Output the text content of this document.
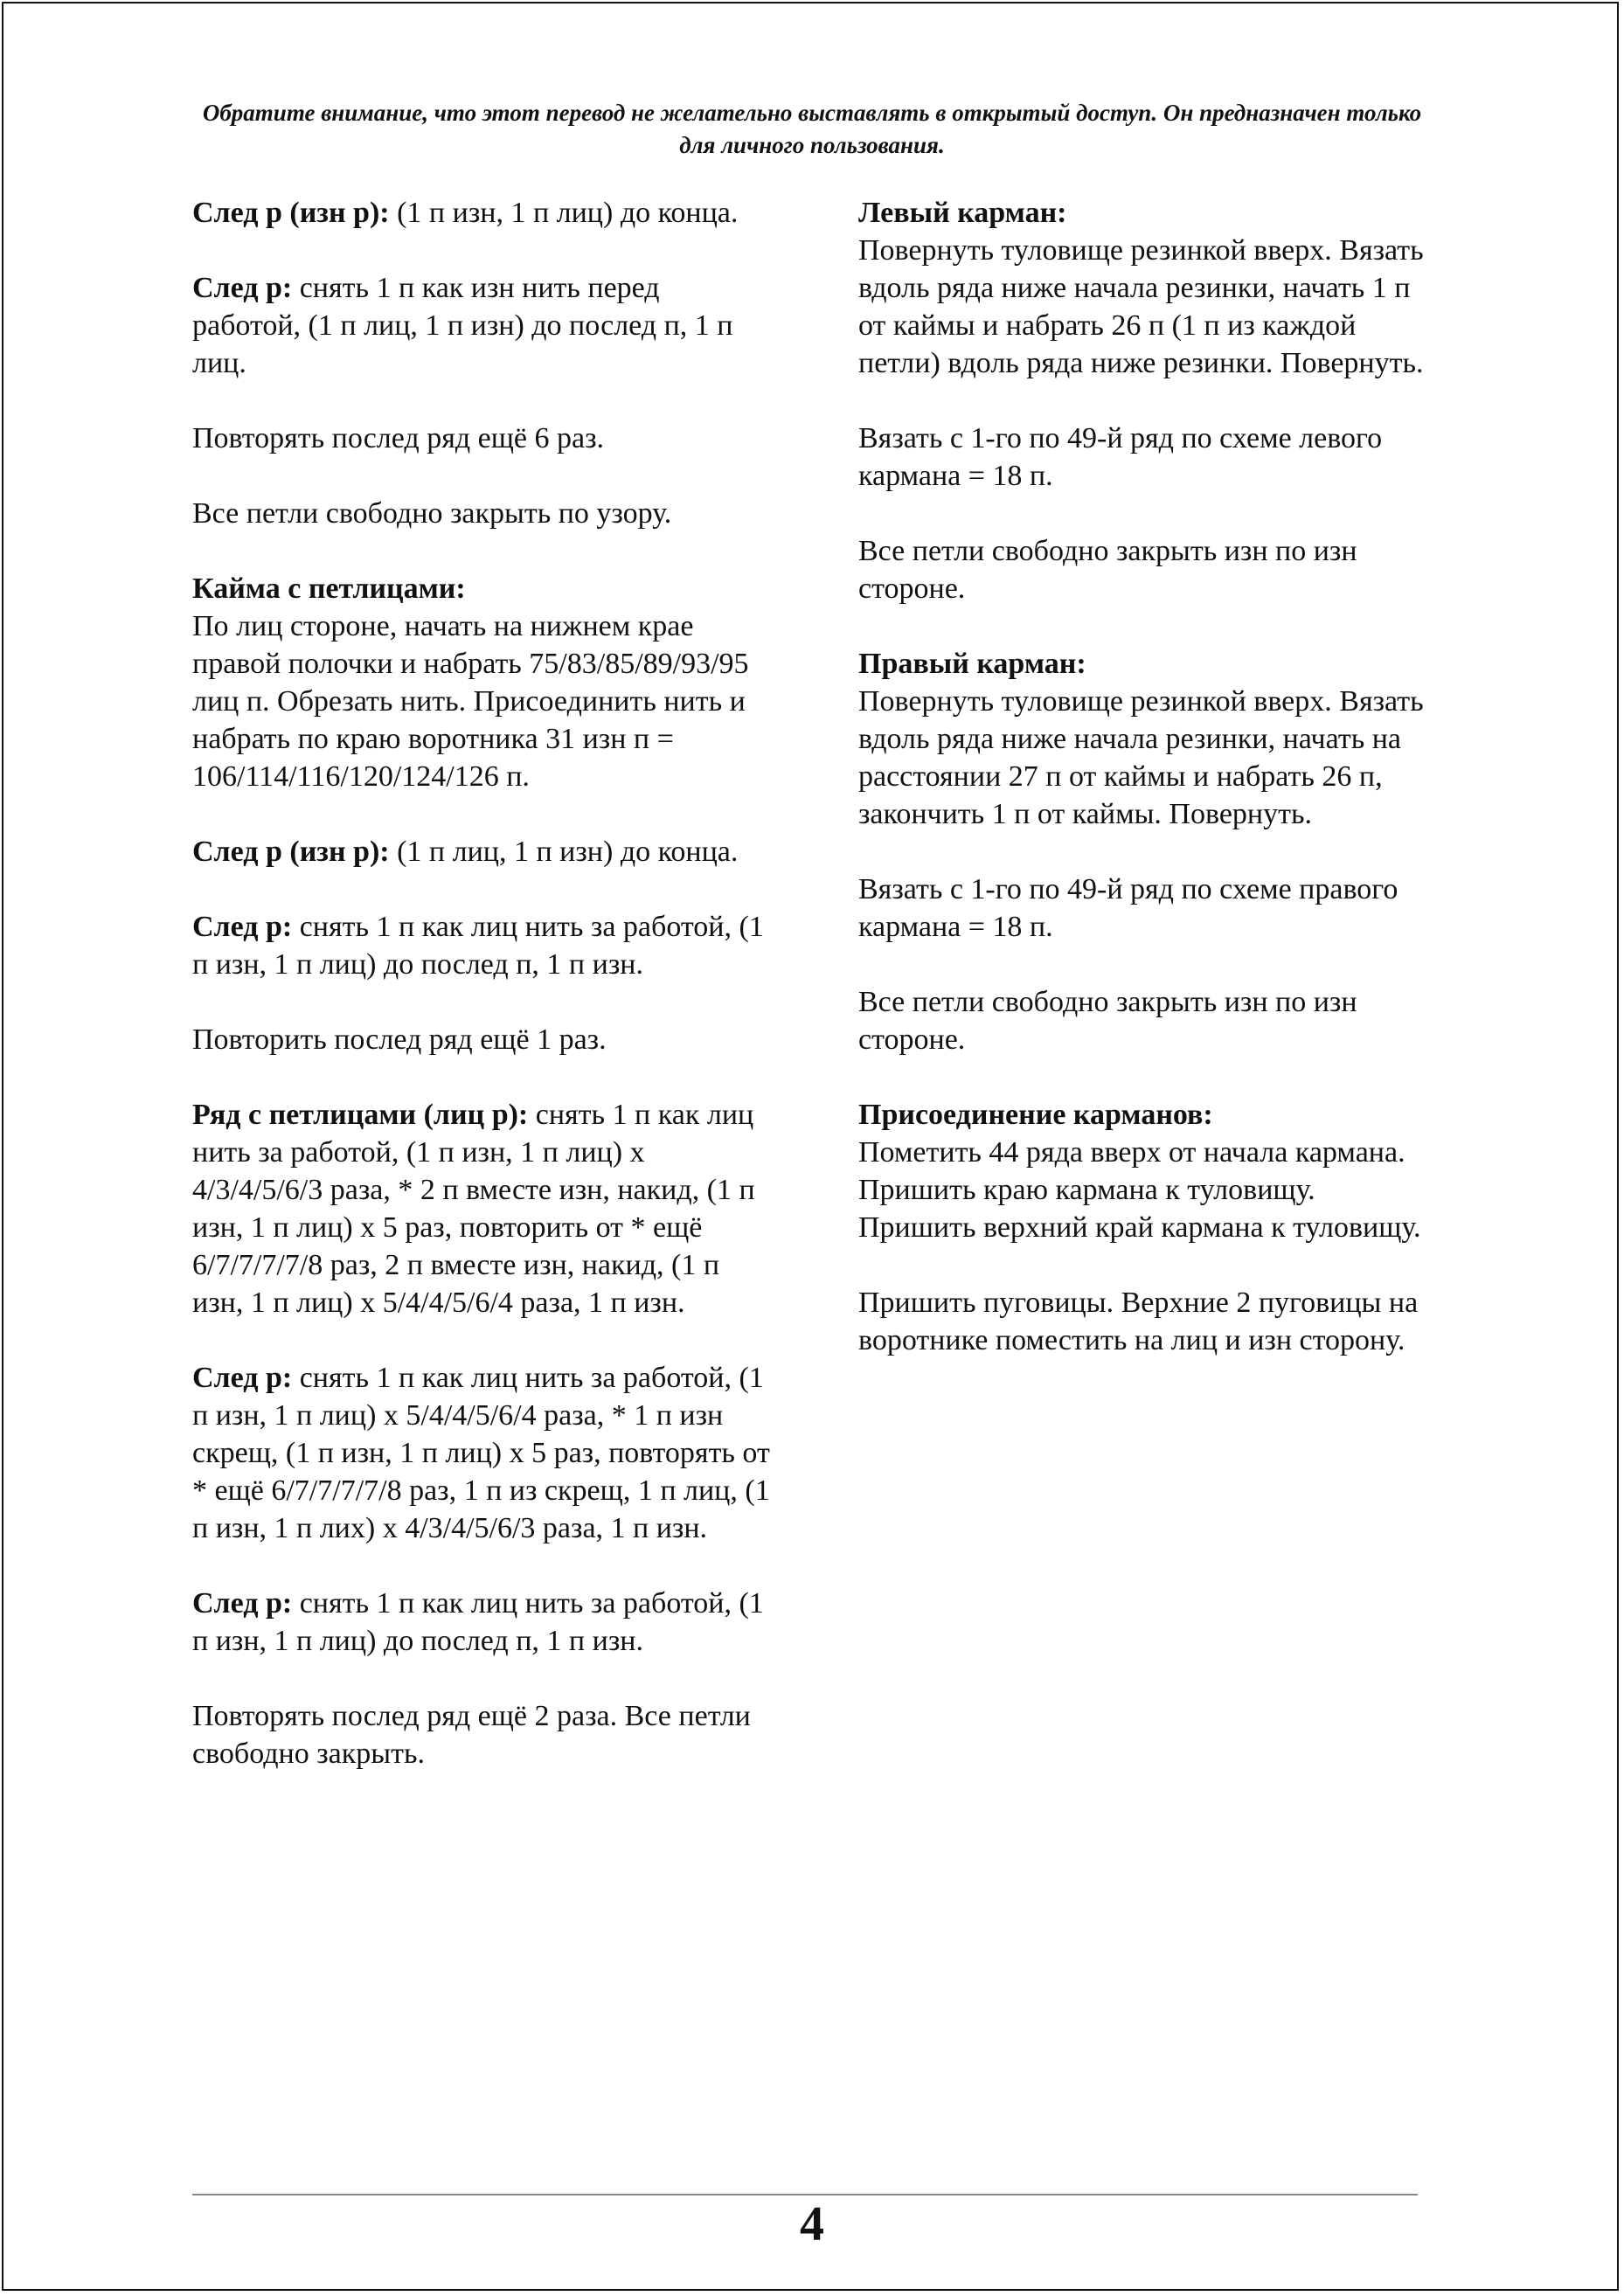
Обратите внимание, что этот перевод не желательно выставлять в открытый доступ. Он предназначен только для личного пользования.

След р (изн р): (1 п изн, 1 п лиц) до конца.

След р: снять 1 п как изн нить перед работой, (1 п лиц, 1 п изн) до послед п, 1 п лиц.

Повторять послед ряд ещё 6 раз.

Все петли свободно закрыть по узору.

Кайма с петлицами:
По лиц стороне, начать на нижнем крае правой полочки и набрать 75/83/85/89/93/95 лиц п. Обрезать нить. Присоединить нить и набрать по краю воротника 31 изн п = 106/114/116/120/124/126 п.

След р (изн р): (1 п лиц, 1 п изн) до конца.

След р: снять 1 п как лиц нить за работой, (1 п изн, 1 п лиц) до послед п, 1 п изн.

Повторить послед ряд ещё 1 раз.

Ряд с петлицами (лиц р): снять 1 п как лиц нить за работой, (1 п изн, 1 п лиц) х 4/3/4/5/6/3 раза, * 2 п вместе изн, накид, (1 п изн, 1 п лиц) х 5 раз, повторить от * ещё 6/7/7/7/7/8 раз, 2 п вместе изн, накид, (1 п изн, 1 п лиц) х 5/4/4/5/6/4 раза, 1 п изн.

След р: снять 1 п как лиц нить за работой, (1 п изн, 1 п лиц) х 5/4/4/5/6/4 раза, * 1 п изн скрещ, (1 п изн, 1 п лиц) х 5 раз, повторять от * ещё 6/7/7/7/7/8 раз, 1 п из скрещ, 1 п лиц, (1 п изн, 1 п лих) х 4/3/4/5/6/3 раза, 1 п изн.

След р: снять 1 п как лиц нить за работой, (1 п изн, 1 п лиц) до послед п, 1 п изн.

Повторять послед ряд ещё 2 раза. Все петли свободно закрыть.

Левый карман:
Повернуть туловище резинкой вверх. Вязать вдоль ряда ниже начала резинки, начать 1 п от каймы и набрать 26 п (1 п из каждой петли) вдоль ряда ниже резинки. Повернуть.

Вязать с 1-го по 49-й ряд по схеме левого кармана = 18 п.

Все петли свободно закрыть изн по изн стороне.

Правый карман:
Повернуть туловище резинкой вверх. Вязать вдоль ряда ниже начала резинки, начать на расстоянии 27 п от каймы и набрать 26 п, закончить 1 п от каймы. Повернуть.

Вязать с 1-го по 49-й ряд по схеме правого кармана = 18 п.

Все петли свободно закрыть изн по изн стороне.

Присоединение карманов:
Пометить 44 ряда вверх от начала кармана. Пришить краю кармана к туловищу. Пришить верхний край кармана к туловищу.

Пришить пуговицы. Верхние 2 пуговицы на воротнике поместить на лиц и изн сторону.

4
